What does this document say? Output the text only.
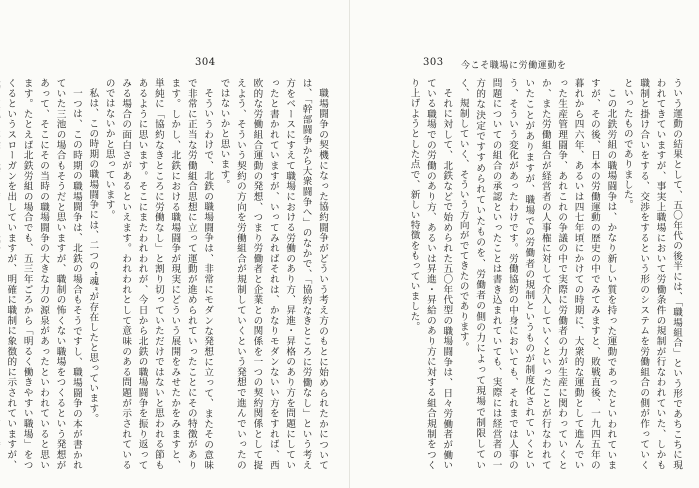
304

職場闘争の契機になった協約闘争がどういう考え方のもとに始められたかについては、「幹部闘争から大衆闘争へ」のなかで、「協約なきところに労働なし」という考え方をベースにすえて職場における労働のあり方、昇進・昇格のあり方を問題にしていったと書かれていますが、いってみればそれは、かなりモダンないい方をすれば、西欧的な労働組合運動の発想、つまり労働者と企業との関係を一つの契約関係として捉えよう、そういう契約の方向を労働組合が規制していくという発想で進んでいったのではないかと思います。

そういうわけで、北鉄の職場闘争は、非常にモダンな発想に立って、またその意味で非常に正当な労働組合思想に立って運動が進められていったことにその特徴があります。しかし、北鉄における職場闘争が現実にどういう展開をみせたかをみますと、単純に「協約なきところに労働なし」と割り切っていただけではないと思われる節もあるように思います。そこにまたわれわれが、今日から北鉄の職場闘争を振り返ってみる場合の面白さがあるといえます。われわれとして意味のある問題が示されているのではないかと思っています。

私は、この時期の職場闘争には、二つの“魂”が存在したと思っています。

一つは、この時期の職場闘争は、北鉄の場合もそうですし、職場闘争の本が書かれていた三池の場合もそうだと思いますが、職制の怖くない職場をつくるという発想があって、そこにその当時の職場闘争の大きな力の源泉があったといわれていると思います。たとえば北鉄労組の場合でも、五三年ごろから「明るく働きやすい職場」をつくるというスローガンを出していますが、明確に職制に象徴的に示されていますが、

303 今こそ職場に労働運動を

ういう運動の結果として、五〇年代の後半には、「職場組合」という形であちこちに現われてきていますが、事実上職場において労働条件の規制が行なわれていた、しかも職制と掛け合いをする、交渉をするという形のシステムを労働組合の側が作っていくといったものでありました。

この北鉄労組の職場闘争は、かなり新しい質を持った運動であったといわれていますが、その後、日本の労働運動の歴史の中でみてみますと、敗戦直後、一九四五年の暮れから四六年、あるいは四七年頃にかけての時期に、大衆的な運動として進んでいった生産管理闘争、あれこれの争議の中で実際に労働者の力が生産に関わっていくとか、また労働組合が経営者の人事権に対して介入していくといったことが行なわれていたことがありますが、職場での労働者の規制というものが制度化されていくという、そういう変化があったわけです。労働協約の中身においても、それまでは人事の問題についての組合の承認といったことは書き込まれていても、実際には経営者の一方的な決定ですすめられていたものを、労働者の側の力によって現場で制限していく、規制していく、そういう方向がでてきたのであります。

それに対して、北鉄などで始められた五〇年代型の職場闘争は、日々労働者が働いている職場での労働のあり方、あるいは昇進・昇給のあり方に対する組合規制をつくり上げようとした点で、新しい特徴をもっていました。
